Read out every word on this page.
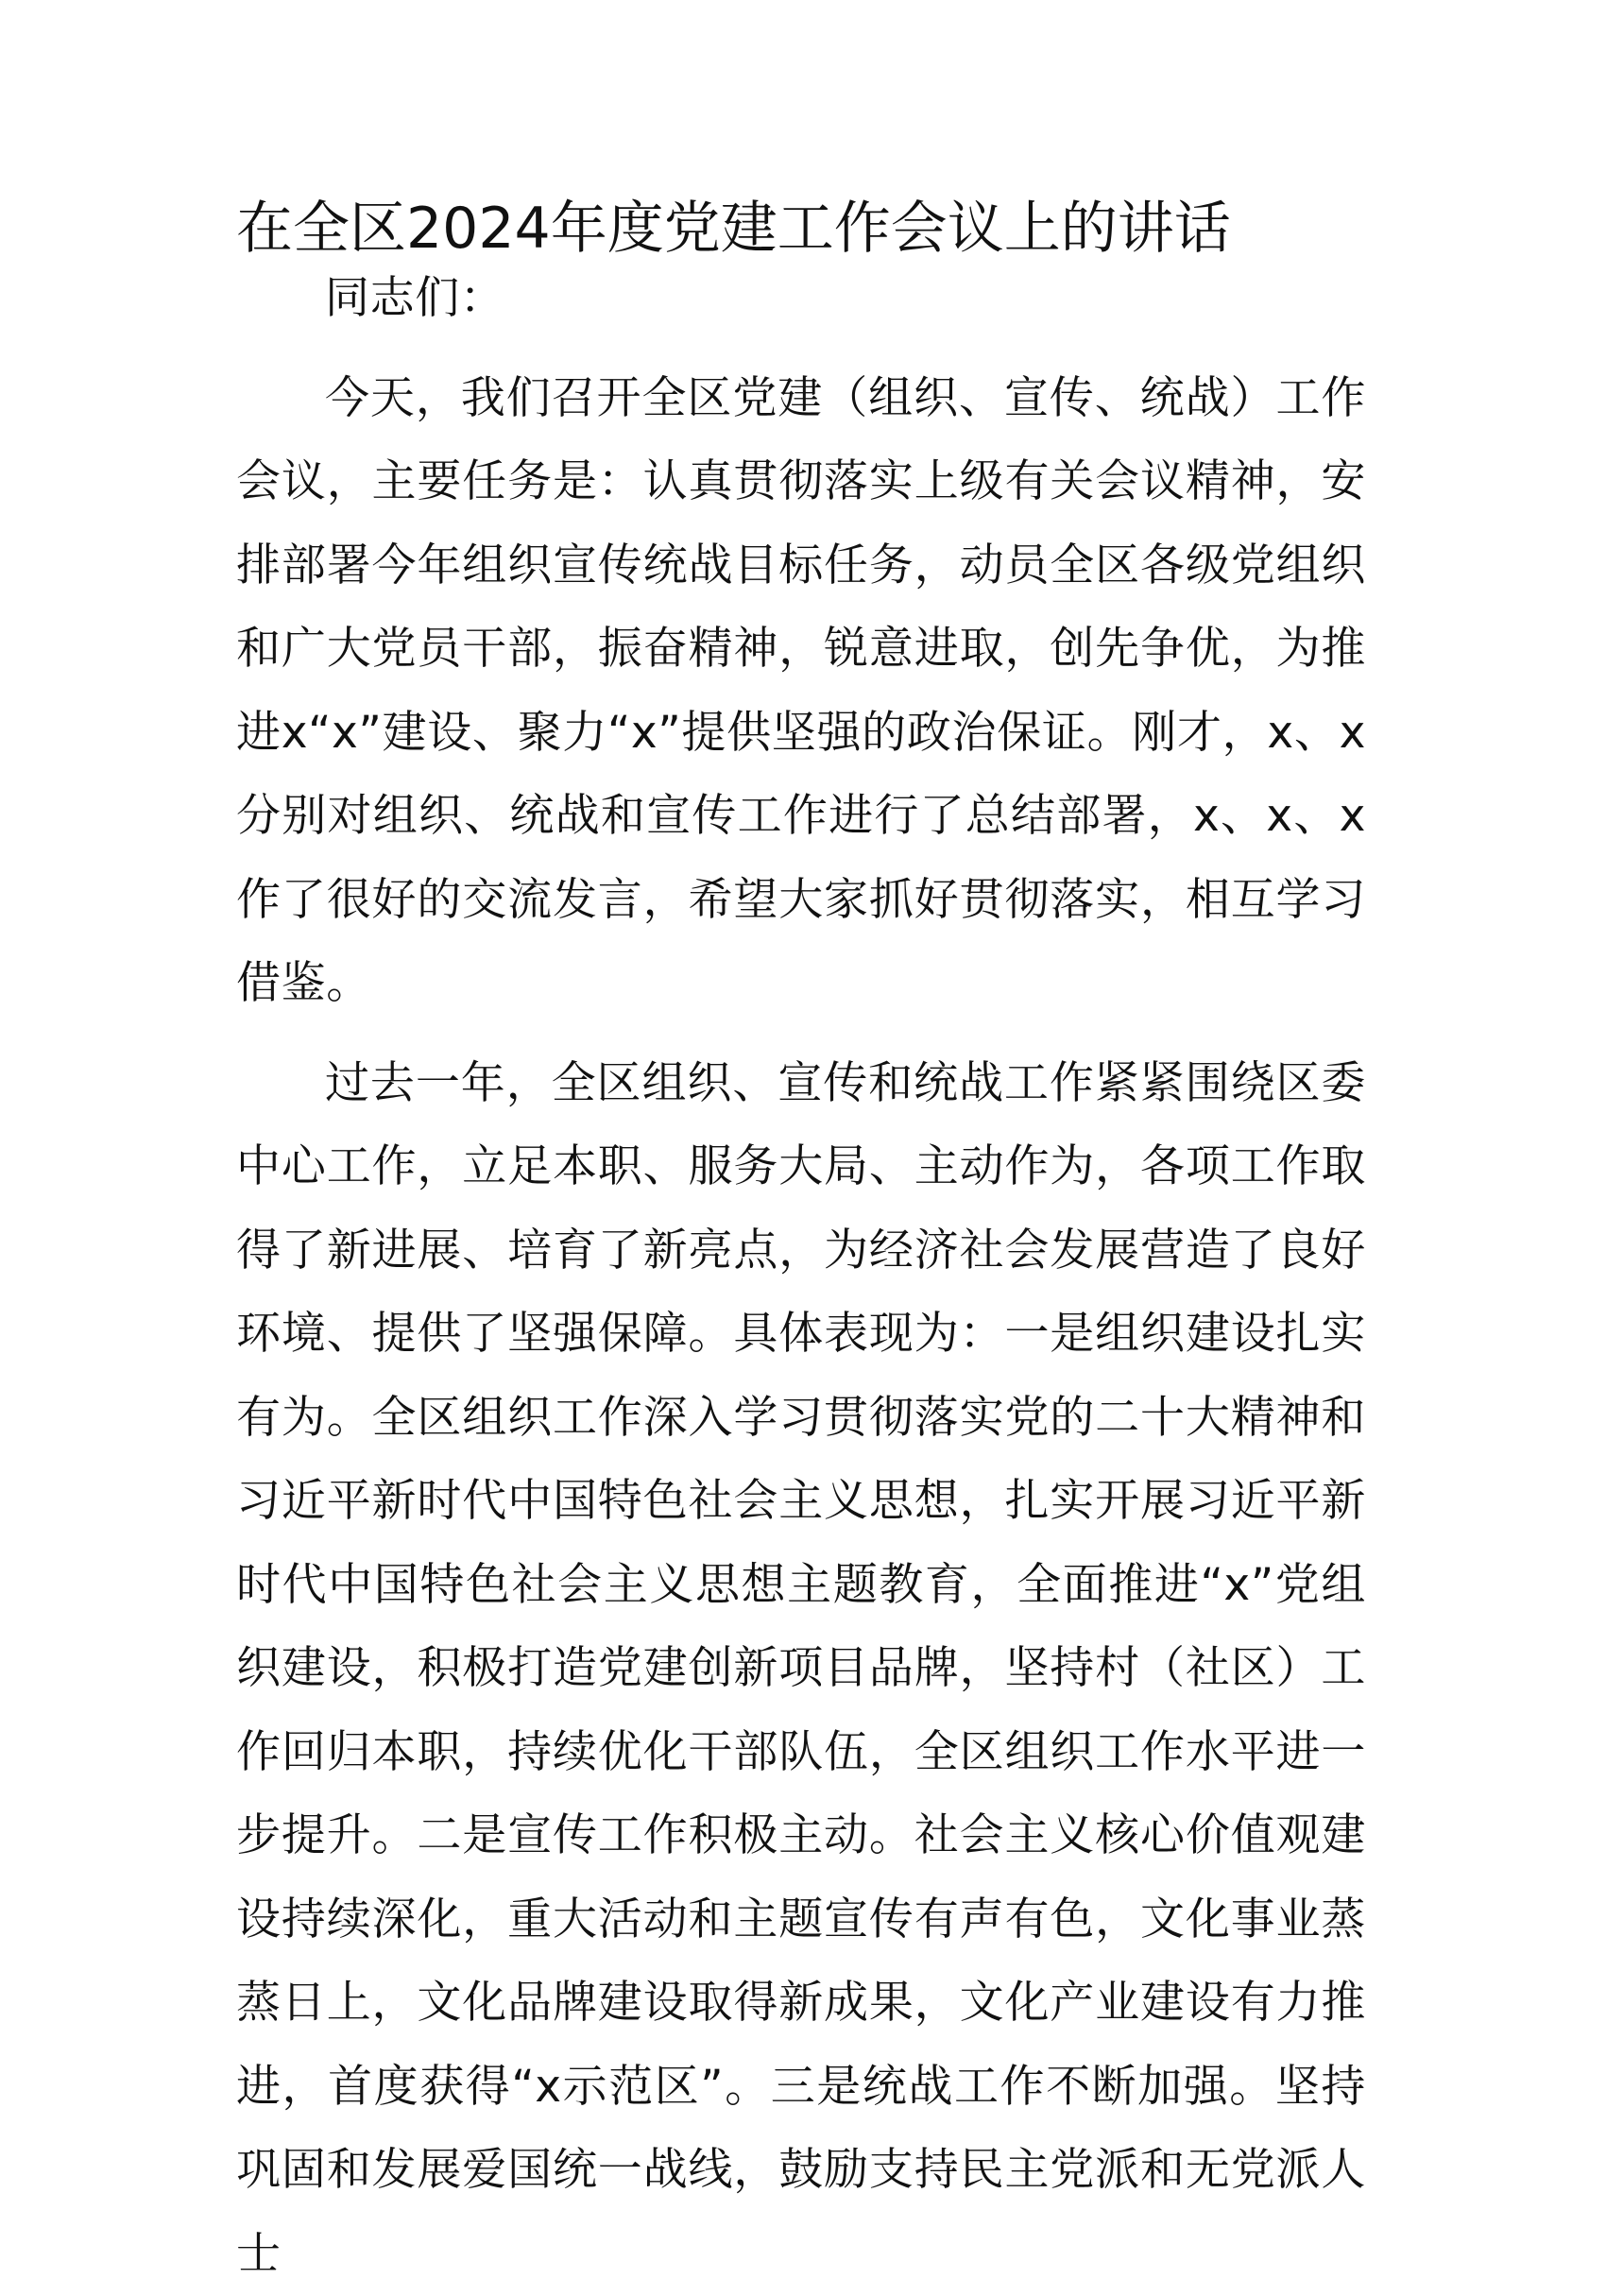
在全区2024年度党建工作会议上的讲话

同志们：

今天，我们召开全区党建（组织、宣传、统战）工作会议，主要任务是：认真贯彻落实上级有关会议精神，安排部署今年组织宣传统战目标任务，动员全区各级党组织和广大党员干部，振奋精神，锐意进取，创先争优，为推进x“x”建设、聚力“x”提供坚强的政治保证。刚才，x、x分别对组织、统战和宣传工作进行了总结部署，x、x、x作了很好的交流发言，希望大家抓好贯彻落实，相互学习借鉴。

过去一年，全区组织、宣传和统战工作紧紧围绕区委中心工作，立足本职、服务大局、主动作为，各项工作取得了新进展、培育了新亮点，为经济社会发展营造了良好环境、提供了坚强保障。具体表现为：一是组织建设扎实有为。全区组织工作深入学习贯彻落实党的二十大精神和习近平新时代中国特色社会主义思想，扎实开展习近平新时代中国特色社会主义思想主题教育，全面推进“x”党组织建设，积极打造党建创新项目品牌，坚持村（社区）工作回归本职，持续优化干部队伍，全区组织工作水平进一步提升。二是宣传工作积极主动。社会主义核心价值观建设持续深化，重大活动和主题宣传有声有色，文化事业蒸蒸日上，文化品牌建设取得新成果，文化产业建设有力推进，首度获得“x示范区”。三是统战工作不断加强。坚持巩固和发展爱国统一战线，鼓励支持民主党派和无党派人士
